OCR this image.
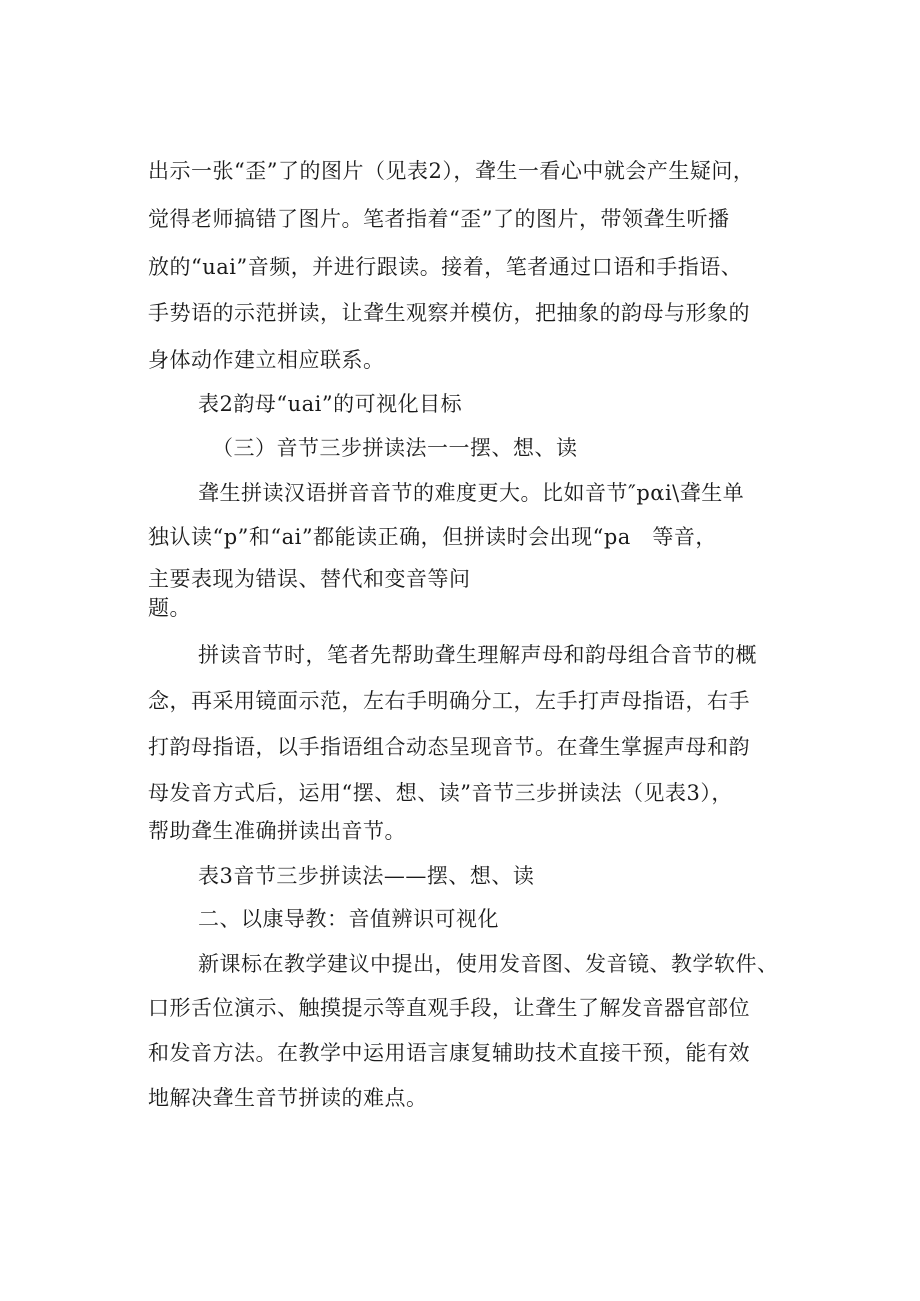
出示一张“歪”了的图片（见表2），聋生一看心中就会产生疑问，
觉得老师搞错了图片。笔者指着“歪”了的图片，带领聋生听播
放的“uai”音频，并进行跟读。接着，笔者通过口语和手指语、
手势语的示范拼读，让聋生观察并模仿，把抽象的韵母与形象的
身体动作建立相应联系。
表2韵母“uai”的可视化目标
（三）音节三步拼读法一一摆、想、读
聋生拼读汉语拼音音节的难度更大。比如音节″pαi\聋生单
独认读“p”和“ai”都能读正确，但拼读时会出现“pa　等音，
主要表现为错误、替代和变音等问
题。
拼读音节时，笔者先帮助聋生理解声母和韵母组合音节的概
念，再采用镜面示范，左右手明确分工，左手打声母指语，右手
打韵母指语，以手指语组合动态呈现音节。在聋生掌握声母和韵
母发音方式后，运用“摆、想、读”音节三步拼读法（见表3），
帮助聋生准确拼读出音节。
表3音节三步拼读法——摆、想、读
二、以康导教：音值辨识可视化
新课标在教学建议中提出，使用发音图、发音镜、教学软件、
口形舌位演示、触摸提示等直观手段，让聋生了解发音器官部位
和发音方法。在教学中运用语言康复辅助技术直接干预，能有效
地解决聋生音节拼读的难点。
